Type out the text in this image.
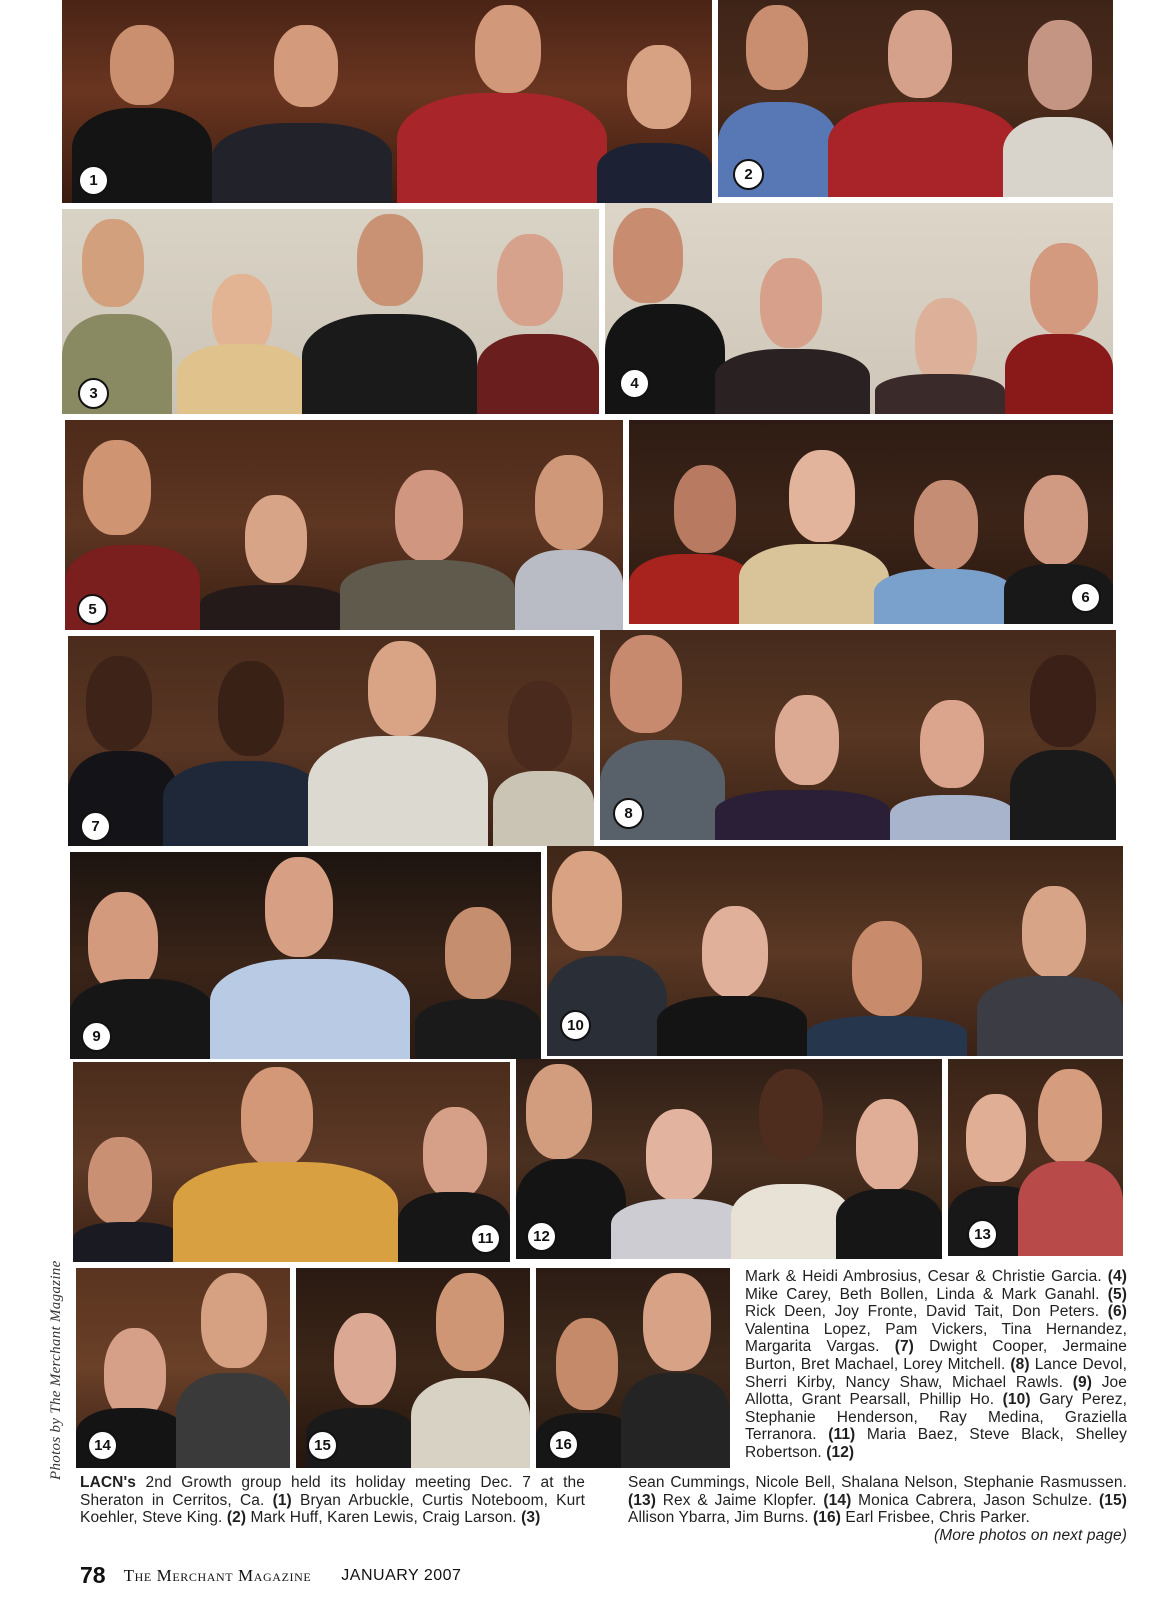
1	2
3
4
5
6
7
8
9
10
11	12	13
14	15	16
Photos by The Merchant Magazine	Mark & Heidi Ambrosius, Cesar & Christie Garcia. (4) Mike Carey, Beth Bollen, Linda & Mark Ganahl. (5) Rick Deen, Joy Fronte, David Tait, Don Peters. (6) Valentina Lopez, Pam Vickers, Tina Hernandez, Margarita Vargas. (7) Dwight Cooper, Jermaine Burton, Bret Machael, Lorey Mitchell. (8) Lance Devol, Sherri Kirby, Nancy Shaw, Michael Rawls. (9) Joe Allotta, Grant Pearsall, Phillip Ho. (10) Gary Perez, Stephanie Henderson, Ray Medina, Graziella Terranora. (11) Maria Baez, Steve Black, Shelley Robertson. (12)
Sean Cummings, Nicole Bell, Shalana Nelson, Stephanie Rasmussen. (13) Rex & Jaime Klopfer. (14) Monica Cabrera, Jason Schulze. (15) Allison Ybarra, Jim Burns. (16) Earl Frisbee, Chris Parker.
(More photos on next page)
LACN's 2nd Growth group held its holiday meeting Dec. 7 at the Sheraton in Cerritos, Ca. (1) Bryan Arbuckle, Curtis Noteboom, Kurt Koehler, Steve King. (2) Mark Huff, Karen Lewis, Craig Larson. (3)
78 The Merchant Magazine JANUARY 2007
